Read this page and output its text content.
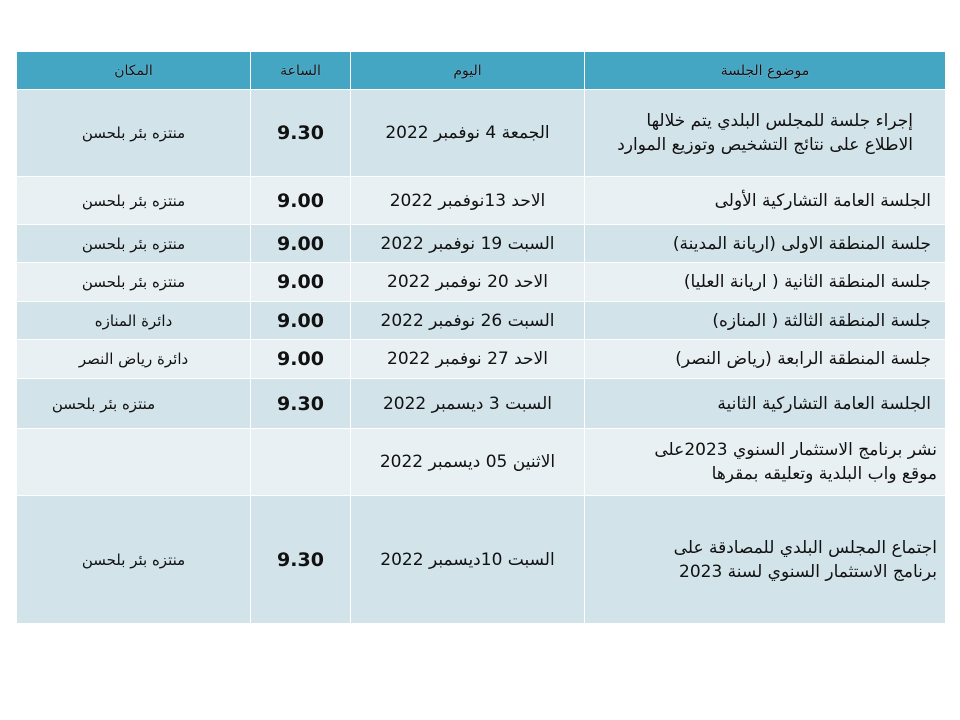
موضوع الجلسة	اليوم	الساعة	المكان
إجراء جلسة للمجلس البلدي يتم خلالها الاطلاع على نتائج التشخيص وتوزيع الموارد	الجمعة 4 نوفمبر 2022	9.30	منتزه بئر بلحسن
الجلسة العامة التشاركية الأولى	الاحد 13نوفمبر 2022	9.00	منتزه بئر بلحسن
جلسة المنطقة الاولى (اريانة المدينة)	السبت 19 نوفمبر 2022	9.00	منتزه بئر بلحسن
جلسة المنطقة الثانية ( اريانة العليا)	الاحد 20 نوفمبر 2022	9.00	منتزه بئر بلحسن
جلسة المنطقة الثالثة ( المنازه)	السبت 26 نوفمبر 2022	9.00	دائرة المنازه
جلسة المنطقة الرابعة (رياض النصر)	الاحد 27 نوفمبر 2022	9.00	دائرة رياض النصر
الجلسة العامة التشاركية الثانية	السبت 3 ديسمبر 2022	9.30	منتزه بئر بلحسن
نشر برنامج الاستثمار السنوي 2023على موقع واب البلدية وتعليقه بمقرها	الاثنين 05 ديسمبر 2022		
اجتماع المجلس البلدي للمصادقة على برنامج الاستثمار السنوي لسنة 2023	السبت 10ديسمبر 2022	9.30	منتزه بئر بلحسن
